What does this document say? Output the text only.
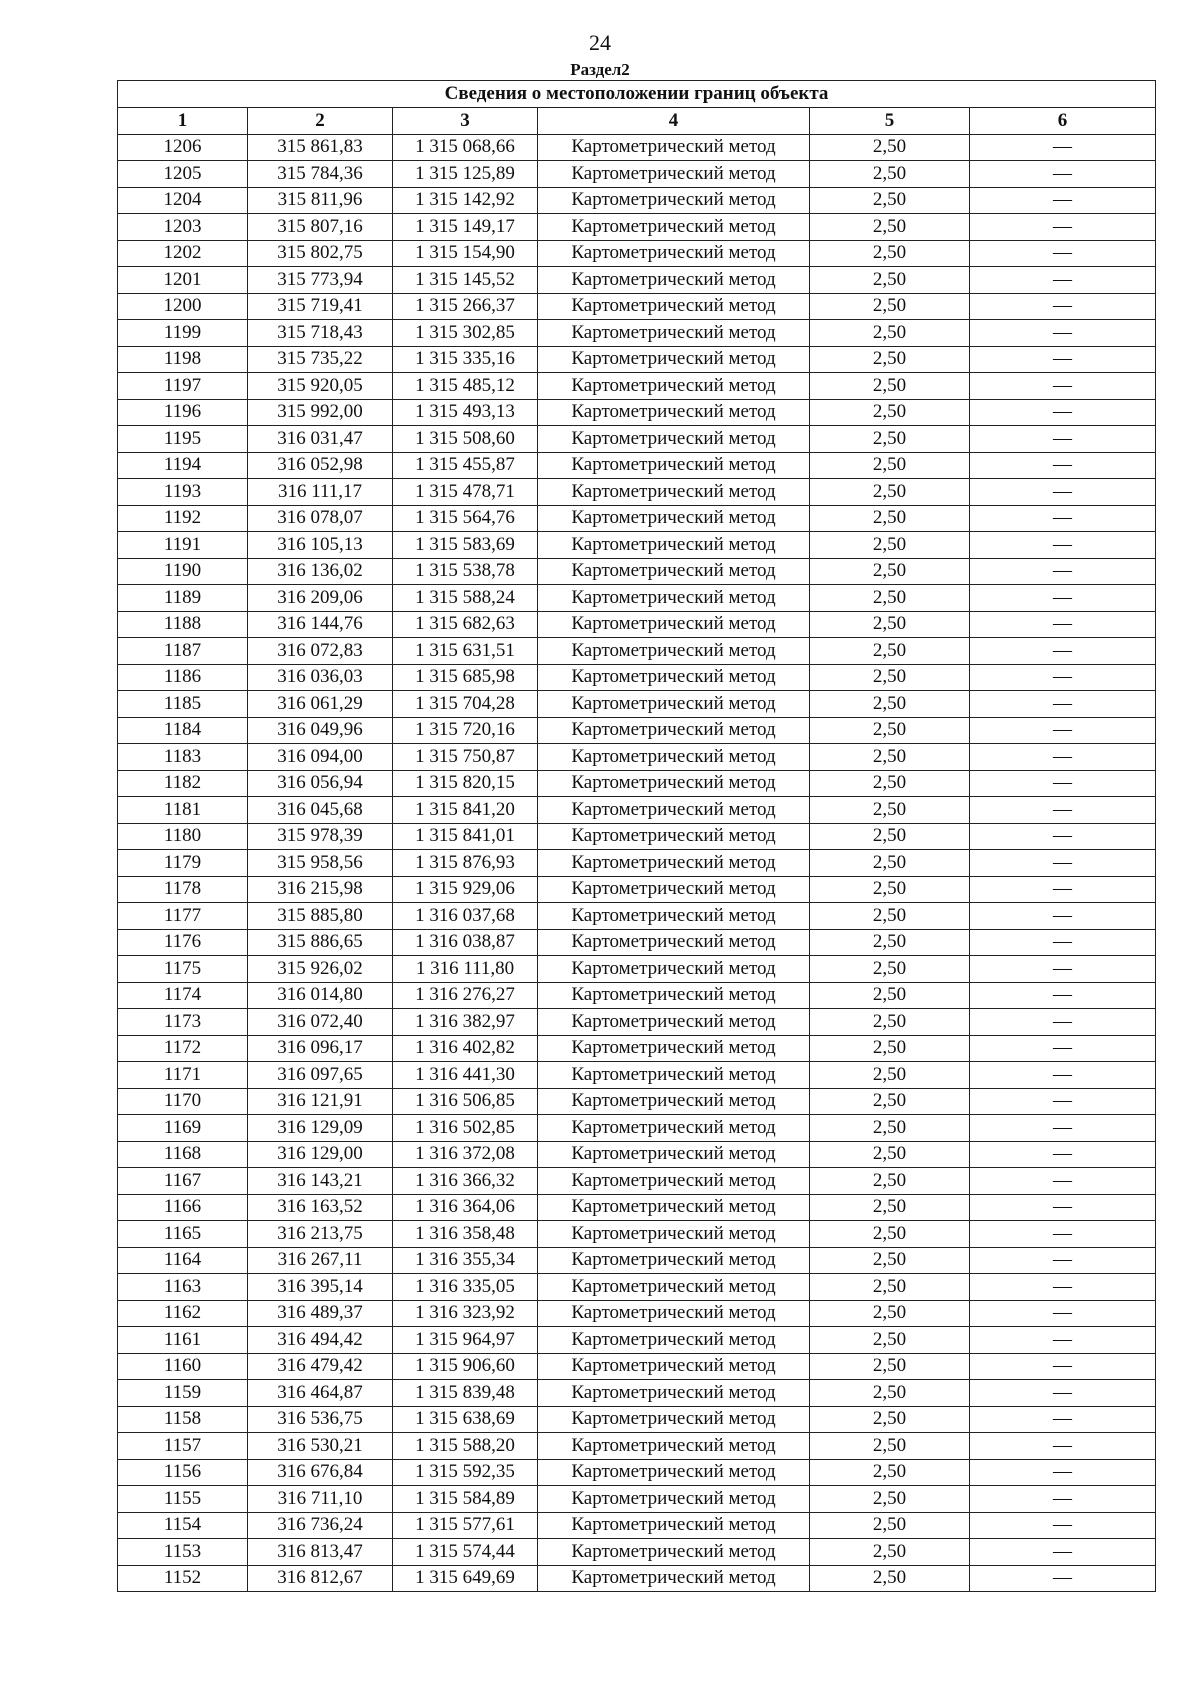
24
Раздел2
Сведения о местоположении границ объекта					
1	2	3	4	5	6
1206	315 861,83	1 315 068,66	Картометрический метод	2,50	—
1205	315 784,36	1 315 125,89	Картометрический метод	2,50	—
1204	315 811,96	1 315 142,92	Картометрический метод	2,50	—
1203	315 807,16	1 315 149,17	Картометрический метод	2,50	—
1202	315 802,75	1 315 154,90	Картометрический метод	2,50	—
1201	315 773,94	1 315 145,52	Картометрический метод	2,50	—
1200	315 719,41	1 315 266,37	Картометрический метод	2,50	—
1199	315 718,43	1 315 302,85	Картометрический метод	2,50	—
1198	315 735,22	1 315 335,16	Картометрический метод	2,50	—
1197	315 920,05	1 315 485,12	Картометрический метод	2,50	—
1196	315 992,00	1 315 493,13	Картометрический метод	2,50	—
1195	316 031,47	1 315 508,60	Картометрический метод	2,50	—
1194	316 052,98	1 315 455,87	Картометрический метод	2,50	—
1193	316 111,17	1 315 478,71	Картометрический метод	2,50	—
1192	316 078,07	1 315 564,76	Картометрический метод	2,50	—
1191	316 105,13	1 315 583,69	Картометрический метод	2,50	—
1190	316 136,02	1 315 538,78	Картометрический метод	2,50	—
1189	316 209,06	1 315 588,24	Картометрический метод	2,50	—
1188	316 144,76	1 315 682,63	Картометрический метод	2,50	—
1187	316 072,83	1 315 631,51	Картометрический метод	2,50	—
1186	316 036,03	1 315 685,98	Картометрический метод	2,50	—
1185	316 061,29	1 315 704,28	Картометрический метод	2,50	—
1184	316 049,96	1 315 720,16	Картометрический метод	2,50	—
1183	316 094,00	1 315 750,87	Картометрический метод	2,50	—
1182	316 056,94	1 315 820,15	Картометрический метод	2,50	—
1181	316 045,68	1 315 841,20	Картометрический метод	2,50	—
1180	315 978,39	1 315 841,01	Картометрический метод	2,50	—
1179	315 958,56	1 315 876,93	Картометрический метод	2,50	—
1178	316 215,98	1 315 929,06	Картометрический метод	2,50	—
1177	315 885,80	1 316 037,68	Картометрический метод	2,50	—
1176	315 886,65	1 316 038,87	Картометрический метод	2,50	—
1175	315 926,02	1 316 111,80	Картометрический метод	2,50	—
1174	316 014,80	1 316 276,27	Картометрический метод	2,50	—
1173	316 072,40	1 316 382,97	Картометрический метод	2,50	—
1172	316 096,17	1 316 402,82	Картометрический метод	2,50	—
1171	316 097,65	1 316 441,30	Картометрический метод	2,50	—
1170	316 121,91	1 316 506,85	Картометрический метод	2,50	—
1169	316 129,09	1 316 502,85	Картометрический метод	2,50	—
1168	316 129,00	1 316 372,08	Картометрический метод	2,50	—
1167	316 143,21	1 316 366,32	Картометрический метод	2,50	—
1166	316 163,52	1 316 364,06	Картометрический метод	2,50	—
1165	316 213,75	1 316 358,48	Картометрический метод	2,50	—
1164	316 267,11	1 316 355,34	Картометрический метод	2,50	—
1163	316 395,14	1 316 335,05	Картометрический метод	2,50	—
1162	316 489,37	1 316 323,92	Картометрический метод	2,50	—
1161	316 494,42	1 315 964,97	Картометрический метод	2,50	—
1160	316 479,42	1 315 906,60	Картометрический метод	2,50	—
1159	316 464,87	1 315 839,48	Картометрический метод	2,50	—
1158	316 536,75	1 315 638,69	Картометрический метод	2,50	—
1157	316 530,21	1 315 588,20	Картометрический метод	2,50	—
1156	316 676,84	1 315 592,35	Картометрический метод	2,50	—
1155	316 711,10	1 315 584,89	Картометрический метод	2,50	—
1154	316 736,24	1 315 577,61	Картометрический метод	2,50	—
1153	316 813,47	1 315 574,44	Картометрический метод	2,50	—
1152	316 812,67	1 315 649,69	Картометрический метод	2,50	—
